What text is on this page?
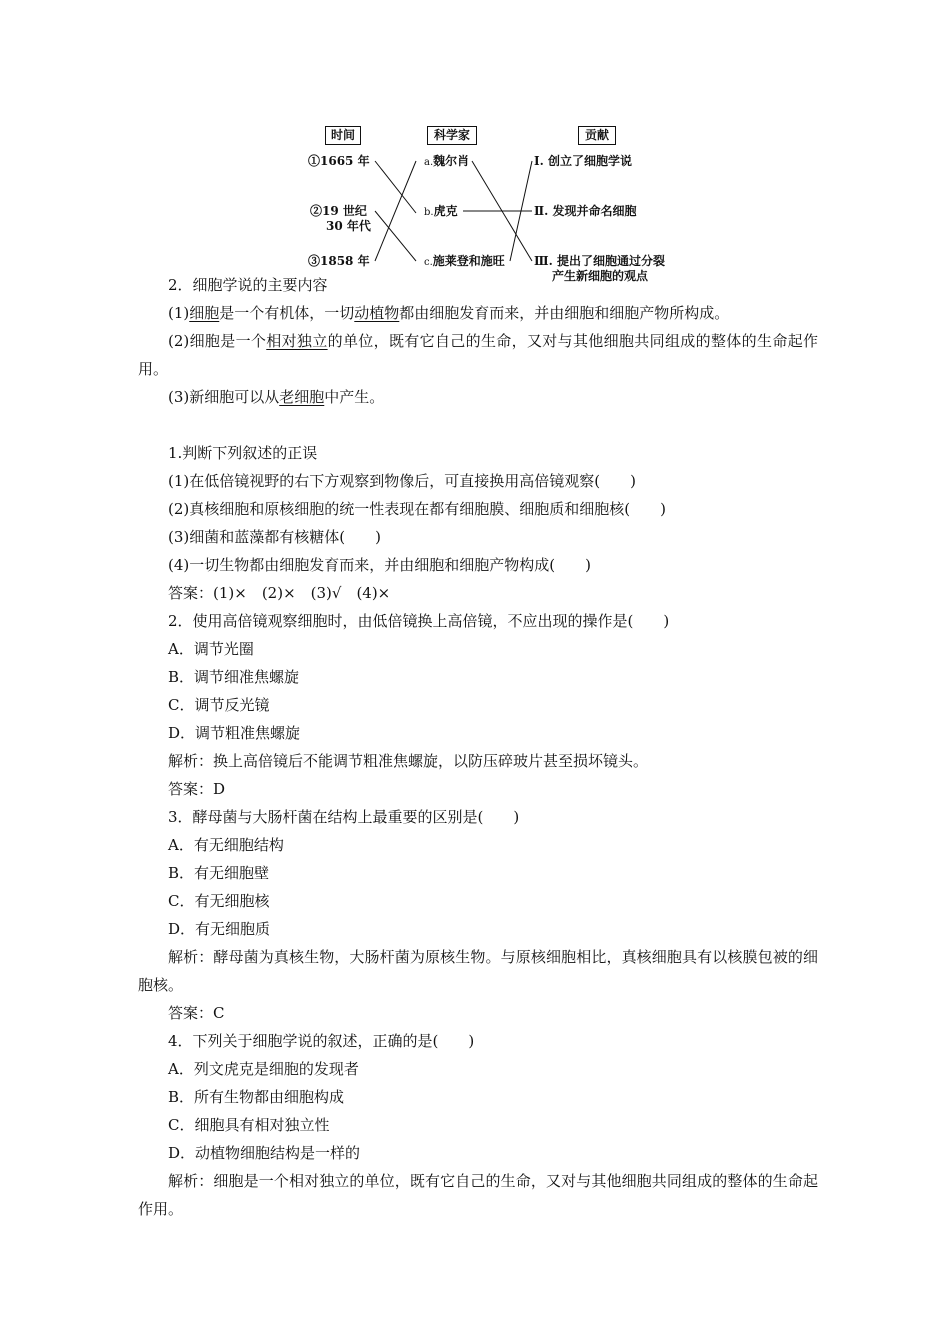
时间	科学家	贡献
①1665 年
②19 世纪
30 年代
③1858 年
a.魏尔肖
b.虎克
c.施莱登和施旺
Ⅰ. 创立了细胞学说
Ⅱ. 发现并命名细胞
Ⅲ. 提出了细胞通过分裂
产生新细胞的观点
2．细胞学说的主要内容
(1)细胞是一个有机体，一切动植物都由细胞发育而来，并由细胞和细胞产物所构成。
(2)细胞是一个相对独立的单位，既有它自己的生命，又对与其他细胞共同组成的整体的生命起作用。
(3)新细胞可以从老细胞中产生。
1.判断下列叙述的正误
(1)在低倍镜视野的右下方观察到物像后，可直接换用高倍镜观察(　　)
(2)真核细胞和原核细胞的统一性表现在都有细胞膜、细胞质和细胞核(　　)
(3)细菌和蓝藻都有核糖体(　　)
(4)一切生物都由细胞发育而来，并由细胞和细胞产物构成(　　)
答案：(1)×　(2)×　(3)√　(4)×
2．使用高倍镜观察细胞时，由低倍镜换上高倍镜，不应出现的操作是(　　)
A．调节光圈
B．调节细准焦螺旋
C．调节反光镜
D．调节粗准焦螺旋
解析：换上高倍镜后不能调节粗准焦螺旋，以防压碎玻片甚至损坏镜头。
答案：D
3．酵母菌与大肠杆菌在结构上最重要的区别是(　　)
A．有无细胞结构
B．有无细胞壁
C．有无细胞核
D．有无细胞质
解析：酵母菌为真核生物，大肠杆菌为原核生物。与原核细胞相比，真核细胞具有以核膜包被的细胞核。
答案：C
4．下列关于细胞学说的叙述，正确的是(　　)
A．列文虎克是细胞的发现者
B．所有生物都由细胞构成
C．细胞具有相对独立性
D．动植物细胞结构是一样的
解析：细胞是一个相对独立的单位，既有它自己的生命，又对与其他细胞共同组成的整体的生命起作用。
